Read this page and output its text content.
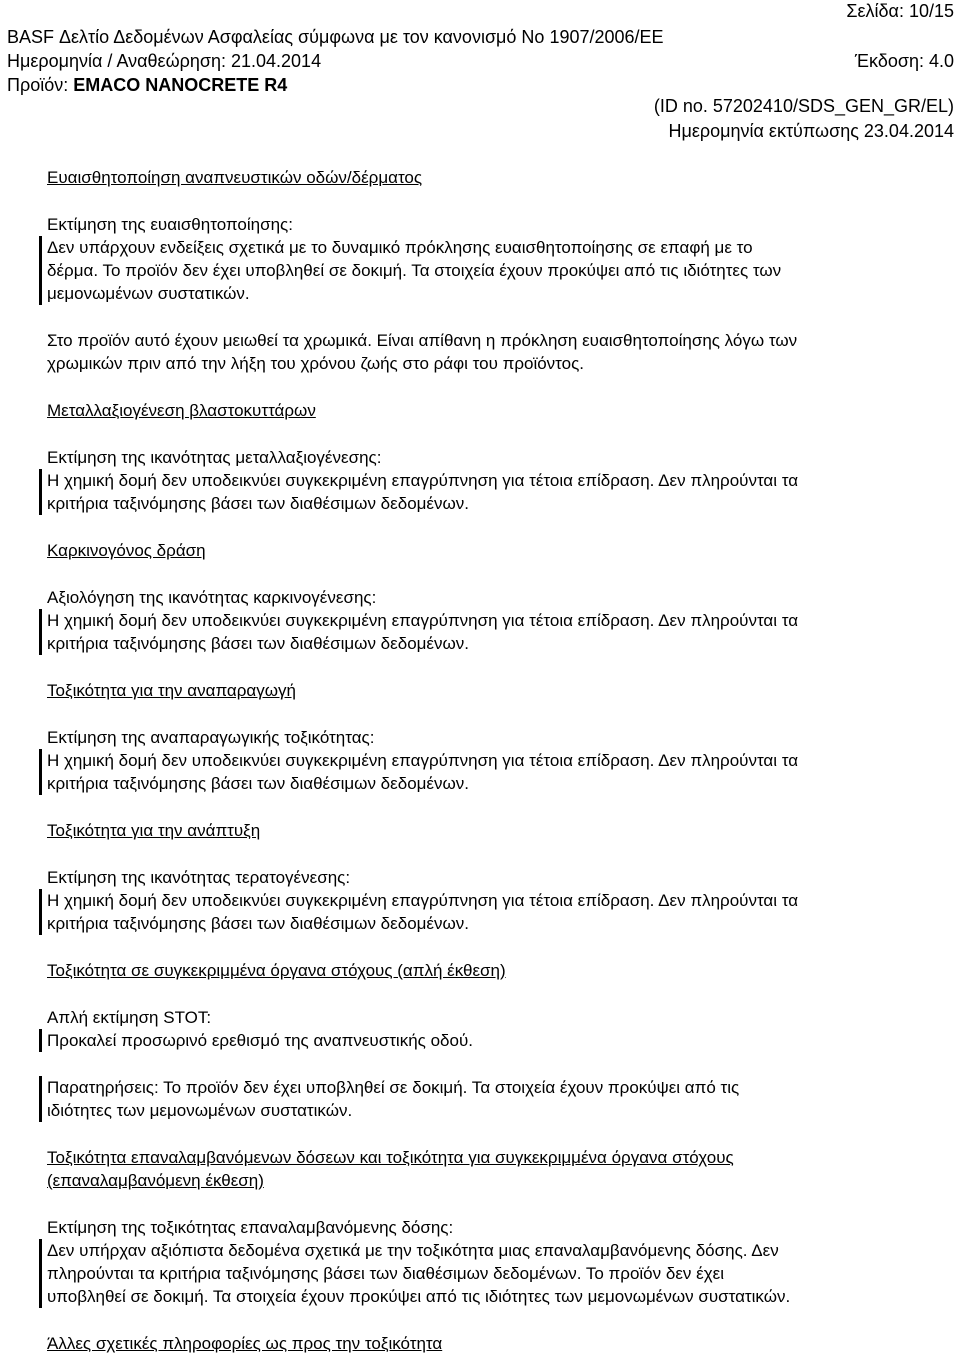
Σελίδα: 10/15
BASF Δελτίο Δεδομένων Ασφαλείας σύμφωνα με τον κανονισμό No 1907/2006/ΕΕ
Ημερομηνία / Αναθεώρηση: 21.04.2014	Έκδοση: 4.0
Προϊόν: EMACO NANOCRETE R4
(ID no. 57202410/SDS_GEN_GR/EL)
Ημερομηνία εκτύπωσης 23.04.2014
Ευαισθητοποίηση αναπνευστικών οδών/δέρματος
Εκτίμηση της ευαισθητοποίησης:
Δεν υπάρχουν ενδείξεις σχετικά με το δυναμικό πρόκλησης ευαισθητοποίησης σε επαφή με το
δέρμα. Το προϊόν δεν έχει υποβληθεί σε δοκιμή. Τα στοιχεία έχουν προκύψει από τις ιδιότητες των
μεμονωμένων συστατικών.
Στο προϊόν αυτό έχουν μειωθεί τα χρωμικά. Είναι απίθανη η πρόκληση ευαισθητοποίησης λόγω των
χρωμικών πριν από την λήξη του χρόνου ζωής στο ράφι του προϊόντος.
Μεταλλαξιογένεση βλαστοκυττάρων
Εκτίμηση της ικανότητας μεταλλαξιογένεσης:
Η χημική δομή δεν υποδεικνύει συγκεκριμένη επαγρύπνηση για τέτοια επίδραση. Δεν πληρούνται τα
κριτήρια ταξινόμησης βάσει των διαθέσιμων δεδομένων.
Καρκινογόνος δράση
Αξιολόγηση της ικανότητας καρκινογένεσης:
Η χημική δομή δεν υποδεικνύει συγκεκριμένη επαγρύπνηση για τέτοια επίδραση. Δεν πληρούνται τα
κριτήρια ταξινόμησης βάσει των διαθέσιμων δεδομένων.
Τοξικότητα για την αναπαραγωγή
Εκτίμηση της αναπαραγωγικής τοξικότητας:
Η χημική δομή δεν υποδεικνύει συγκεκριμένη επαγρύπνηση για τέτοια επίδραση. Δεν πληρούνται τα
κριτήρια ταξινόμησης βάσει των διαθέσιμων δεδομένων.
Τοξικότητα για την ανάπτυξη
Εκτίμηση της ικανότητας τερατογένεσης:
Η χημική δομή δεν υποδεικνύει συγκεκριμένη επαγρύπνηση για τέτοια επίδραση. Δεν πληρούνται τα
κριτήρια ταξινόμησης βάσει των διαθέσιμων δεδομένων.
Τοξικότητα σε συγκεκριμμένα όργανα στόχους (απλή έκθεση)
Απλή εκτίμηση STOT:
Προκαλεί προσωρινό ερεθισμό της αναπνευστικής οδού.
Παρατηρήσεις: Το προϊόν δεν έχει υποβληθεί σε δοκιμή. Τα στοιχεία έχουν προκύψει από τις
ιδιότητες των μεμονωμένων συστατικών.
Τοξικότητα επαναλαμβανόμενων δόσεων και τοξικότητα για συγκεκριμμένα όργανα στόχους
(επαναλαμβανόμενη έκθεση)
Εκτίμηση της τοξικότητας επαναλαμβανόμενης δόσης:
Δεν υπήρχαν αξιόπιστα δεδομένα σχετικά με την τοξικότητα μιας επαναλαμβανόμενης δόσης. Δεν
πληρούνται τα κριτήρια ταξινόμησης βάσει των διαθέσιμων δεδομένων. Το προϊόν δεν έχει
υποβληθεί σε δοκιμή. Τα στοιχεία έχουν προκύψει από τις ιδιότητες των μεμονωμένων συστατικών.
Άλλες σχετικές πληροφορίες ως προς την τοξικότητα
